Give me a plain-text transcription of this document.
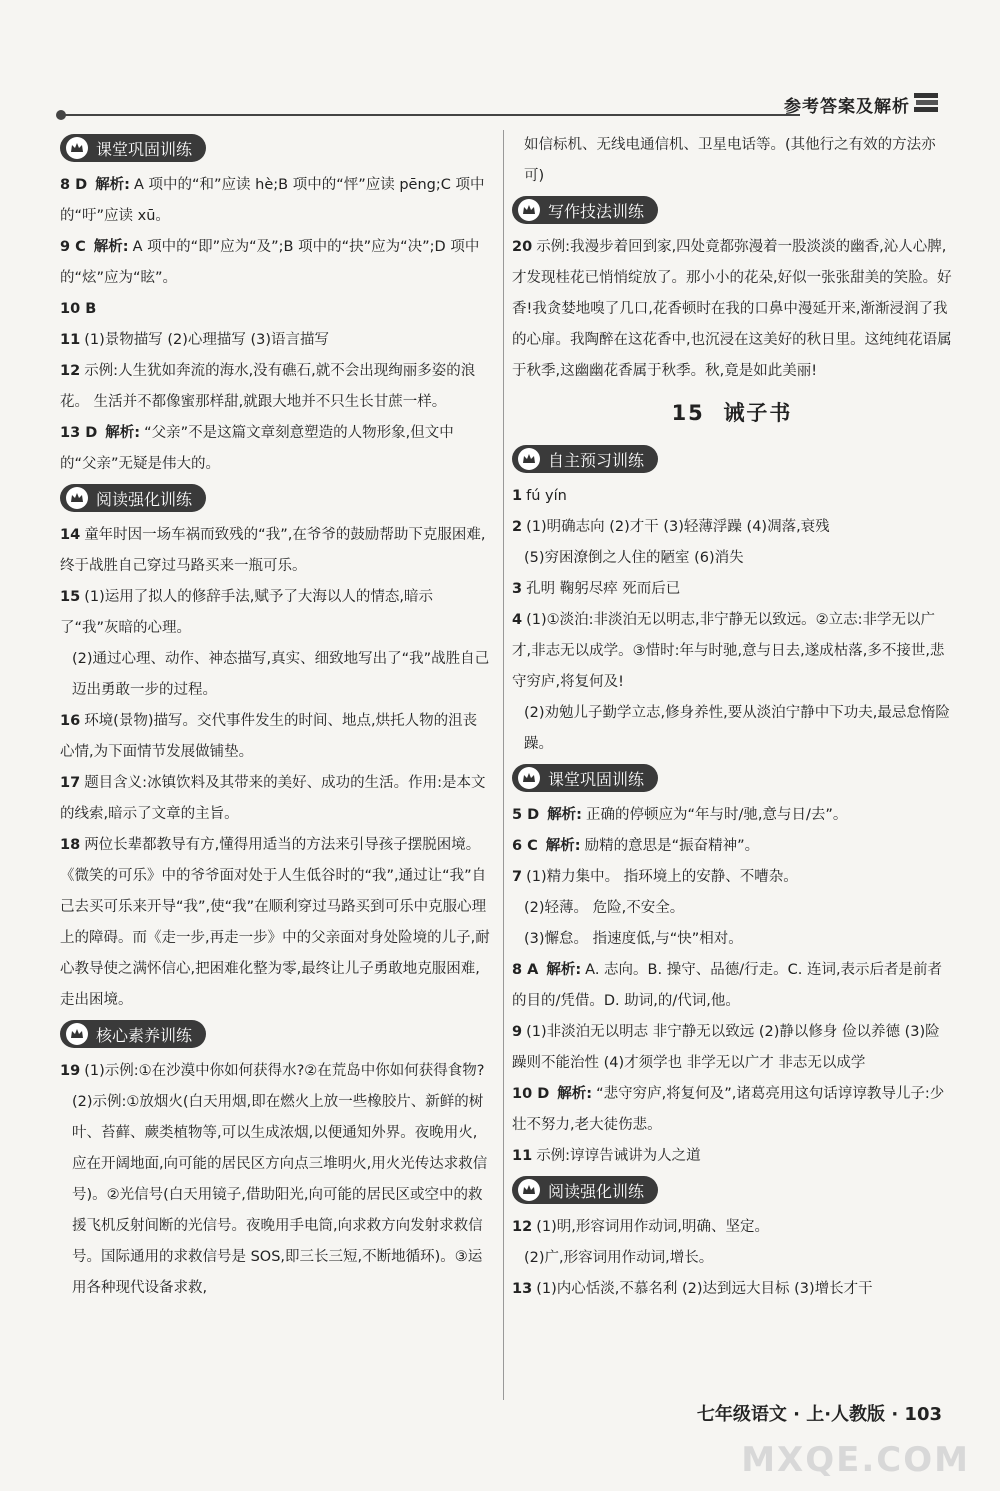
参考答案及解析
课堂巩固训练

8 D 解析: A 项中的“和”应读 hè;B 项中的“怦”应读 pēng;C 项中的“吁”应读 xū。

9 C 解析: A 项中的“即”应为“及”;B 项中的“抉”应为“决”;D 项中的“炫”应为“眩”。

10 B

11 (1)景物描写 (2)心理描写 (3)语言描写

12 示例:人生犹如奔流的海水,没有礁石,就不会出现绚丽多姿的浪花。 生活并不都像蜜那样甜,就跟大地并不只生长甘蔗一样。

13 D 解析: “父亲”不是这篇文章刻意塑造的人物形象,但文中的“父亲”无疑是伟大的。

阅读强化训练

14 童年时因一场车祸而致残的“我”,在爷爷的鼓励帮助下克服困难,终于战胜自己穿过马路买来一瓶可乐。

15 (1)运用了拟人的修辞手法,赋予了大海以人的情态,暗示了“我”灰暗的心理。

(2)通过心理、动作、神态描写,真实、细致地写出了“我”战胜自己迈出勇敢一步的过程。

16 环境(景物)描写。交代事件发生的时间、地点,烘托人物的沮丧心情,为下面情节发展做铺垫。

17 题目含义:冰镇饮料及其带来的美好、成功的生活。作用:是本文的线索,暗示了文章的主旨。

18 两位长辈都教导有方,懂得用适当的方法来引导孩子摆脱困境。《微笑的可乐》中的爷爷面对处于人生低谷时的“我”,通过让“我”自己去买可乐来开导“我”,使“我”在顺利穿过马路买到可乐中克服心理上的障碍。而《走一步,再走一步》中的父亲面对身处险境的儿子,耐心教导使之满怀信心,把困难化整为零,最终让儿子勇敢地克服困难,走出困境。

核心素养训练

19 (1)示例:①在沙漠中你如何获得水?②在荒岛中你如何获得食物?

(2)示例:①放烟火(白天用烟,即在燃火上放一些橡胶片、新鲜的树叶、苔藓、蕨类植物等,可以生成浓烟,以便通知外界。夜晚用火,应在开阔地面,向可能的居民区方向点三堆明火,用火光传达求救信号)。②光信号(白天用镜子,借助阳光,向可能的居民区或空中的救援飞机反射间断的光信号。夜晚用手电筒,向求救方向发射求救信号。国际通用的求救信号是 SOS,即三长三短,不断地循环)。③运用各种现代设备求救,

如信标机、无线电通信机、卫星电话等。(其他行之有效的方法亦可)

写作技法训练

20 示例:我漫步着回到家,四处竟都弥漫着一股淡淡的幽香,沁人心脾,才发现桂花已悄悄绽放了。那小小的花朵,好似一张张甜美的笑脸。好香!我贪婪地嗅了几口,花香顿时在我的口鼻中漫延开来,渐渐浸润了我的心扉。我陶醉在这花香中,也沉浸在这美好的秋日里。这纯纯花语属于秋季,这幽幽花香属于秋季。秋,竟是如此美丽!

15 诫子书
自主预习训练

1 fú yín

2 (1)明确志向 (2)才干 (3)轻薄浮躁 (4)凋落,衰残

(5)穷困潦倒之人住的陋室 (6)消失

3 孔明 鞠躬尽瘁 死而后已

4 (1)①淡泊:非淡泊无以明志,非宁静无以致远。②立志:非学无以广才,非志无以成学。③惜时:年与时驰,意与日去,遂成枯落,多不接世,悲守穷庐,将复何及!

(2)劝勉儿子勤学立志,修身养性,要从淡泊宁静中下功夫,最忌怠惰险躁。

课堂巩固训练

5 D 解析: 正确的停顿应为“年与时/驰,意与日/去”。

6 C 解析: 励精的意思是“振奋精神”。

7 (1)精力集中。 指环境上的安静、不嘈杂。

(2)轻薄。 危险,不安全。

(3)懈怠。 指速度低,与“快”相对。

8 A 解析: A. 志向。B. 操守、品德/行走。C. 连词,表示后者是前者的目的/凭借。D. 助词,的/代词,他。

9 (1)非淡泊无以明志 非宁静无以致远 (2)静以修身 俭以养德 (3)险躁则不能治性 (4)才须学也 非学无以广才 非志无以成学

10 D 解析: “悲守穷庐,将复何及”,诸葛亮用这句话谆谆教导儿子:少壮不努力,老大徒伤悲。

11 示例:谆谆告诫讲为人之道

阅读强化训练

12 (1)明,形容词用作动词,明确、坚定。

(2)广,形容词用作动词,增长。

13 (1)内心恬淡,不慕名利 (2)达到远大目标 (3)增长才干

七年级语文 · 上·人教版 · 103
MXQE.COM
